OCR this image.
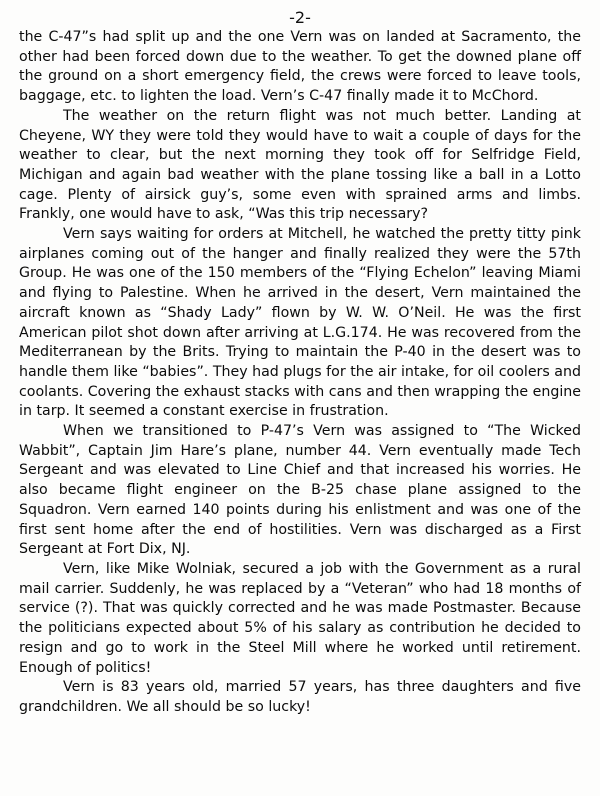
-2-

the C-47”s had split up and the one Vern was on landed at Sacramento, the other had been forced down due to the weather. To get the downed plane off the ground on a short emergency field, the crews were forced to leave tools, baggage, etc. to lighten the load. Vern’s C-47 finally made it to McChord.

The weather on the return flight was not much better. Landing at Cheyene, WY they were told they would have to wait a couple of days for the weather to clear, but the next morning they took off for Selfridge Field, Michigan and again bad weather with the plane tossing like a ball in a Lotto cage. Plenty of airsick guy’s, some even with sprained arms and limbs. Frankly, one would have to ask, “Was this trip necessary?

Vern says waiting for orders at Mitchell, he watched the pretty titty pink airplanes coming out of the hanger and finally realized they were the 57th Group. He was one of the 150 members of the “Flying Echelon” leaving Miami and flying to Palestine. When he arrived in the desert, Vern maintained the aircraft known as “Shady Lady” flown by W. W. O’Neil. He was the first American pilot shot down after arriving at L.G.174. He was recovered from the Mediterranean by the Brits. Trying to maintain the P-40 in the desert was to handle them like “babies”. They had plugs for the air intake, for oil coolers and coolants. Covering the exhaust stacks with cans and then wrapping the engine in tarp. It seemed a constant exercise in frustration.

When we transitioned to P-47’s Vern was assigned to “The Wicked Wabbit”, Captain Jim Hare’s plane, number 44. Vern eventually made Tech Sergeant and was elevated to Line Chief and that increased his worries. He also became flight engineer on the B-25 chase plane assigned to the Squadron. Vern earned 140 points during his enlistment and was one of the first sent home after the end of hostilities. Vern was discharged as a First Sergeant at Fort Dix, NJ.

Vern, like Mike Wolniak, secured a job with the Government as a rural mail carrier. Suddenly, he was replaced by a “Veteran” who had 18 months of service (?). That was quickly corrected and he was made Postmaster. Because the politicians expected about 5% of his salary as contribution he decided to resign and go to work in the Steel Mill where he worked until retirement. Enough of politics!

Vern is 83 years old, married 57 years, has three daughters and five grandchildren. We all should be so lucky!
